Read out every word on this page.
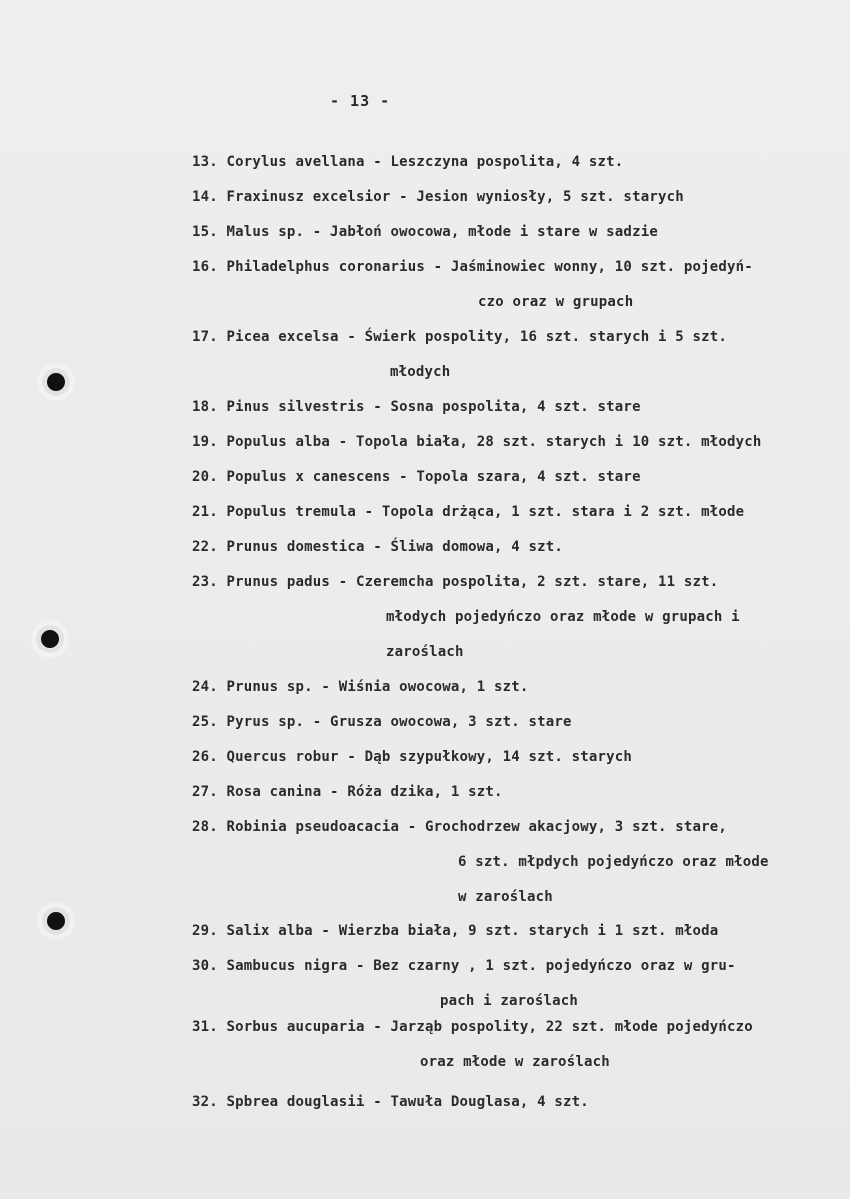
- 13 -
13. Corylus avellana - Leszczyna pospolita, 4 szt.
14. Fraxinusz excelsior - Jesion wyniosły, 5 szt. starych
15. Malus sp. - Jabłoń owocowa, młode i stare w sadzie
16. Philadelphus coronarius - Jaśminowiec wonny, 10 szt. pojedyń-
czo oraz w grupach
17. Picea excelsa - Świerk pospolity, 16 szt. starych i 5 szt.
młodych
18. Pinus silvestris - Sosna pospolita, 4 szt. stare
19. Populus alba - Topola biała, 28 szt. starych i 10 szt. młodych
20. Populus x canescens - Topola szara, 4 szt. stare
21. Populus tremula - Topola drżąca, 1 szt. stara i 2 szt. młode
22. Prunus domestica - Śliwa domowa, 4 szt.
23. Prunus padus - Czeremcha pospolita, 2 szt. stare, 11 szt.
młodych pojedyńczo oraz młode w grupach i
zaroślach
24. Prunus sp. - Wiśnia owocowa, 1 szt.
25. Pyrus sp. - Grusza owocowa, 3 szt. stare
26. Quercus robur - Dąb szypułkowy, 14 szt. starych
27. Rosa canina - Róża dzika, 1 szt.
28. Robinia pseudoacacia - Grochodrzew akacjowy, 3 szt. stare,
6 szt. młpdych pojedyńczo oraz młode
w zaroślach
29. Salix alba - Wierzba biała, 9 szt. starych i 1 szt. młoda
30. Sambucus nigra - Bez czarny , 1 szt. pojedyńczo oraz w gru-
pach i zaroślach
31. Sorbus aucuparia - Jarząb pospolity, 22 szt. młode pojedyńczo
oraz młode w zaroślach
32. Spbrea douglasii - Tawuła Douglasa, 4 szt.
